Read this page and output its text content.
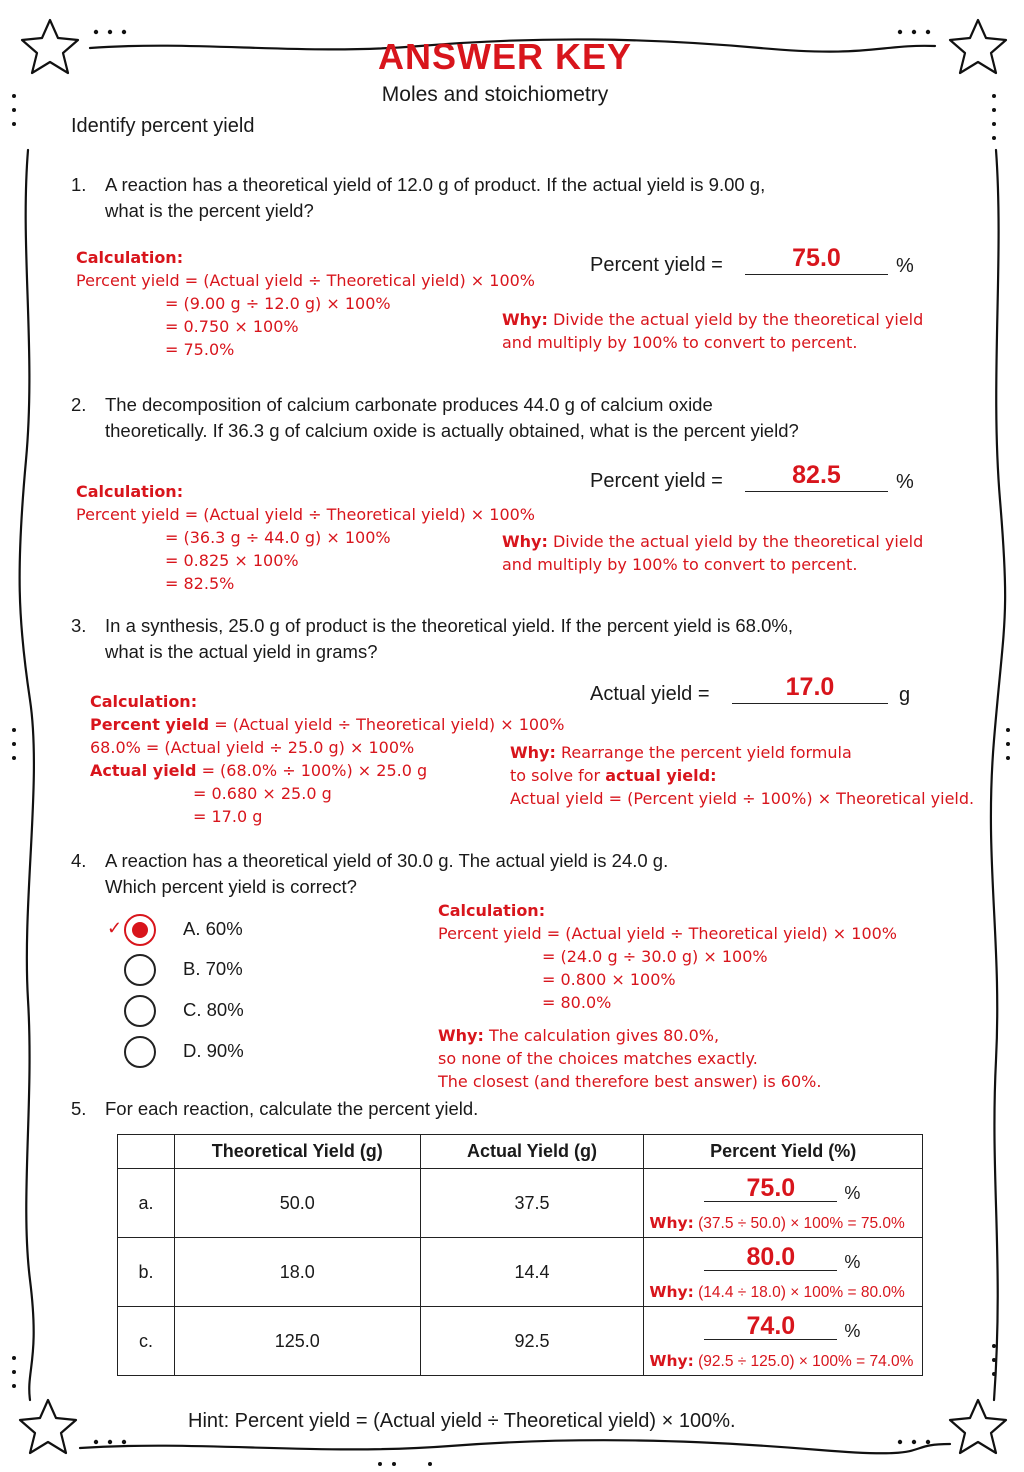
ANSWER KEY
Moles and stoichiometry
Identify percent yield
1. A reaction has a theoretical yield of 12.0 g of product. If the actual yield is 9.00 g,
what is the percent yield?
Percent yield =	75.0	%
Calculation:
Percent yield = (Actual yield ÷ Theoretical yield) × 100%
= (9.00 g ÷ 12.0 g) × 100%
= 0.750 × 100%
= 75.0%
Why: Divide the actual yield by the theoretical yield
and multiply by 100% to convert to percent.
2. The decomposition of calcium carbonate produces 44.0 g of calcium oxide
theoretically. If 36.3 g of calcium oxide is actually obtained, what is the percent yield?
Percent yield =	82.5	%
Calculation:
Percent yield = (Actual yield ÷ Theoretical yield) × 100%
= (36.3 g ÷ 44.0 g) × 100%
= 0.825 × 100%
= 82.5%
Why: Divide the actual yield by the theoretical yield
and multiply by 100% to convert to percent.
3. In a synthesis, 25.0 g of product is the theoretical yield. If the percent yield is 68.0%,
what is the actual yield in grams?
Actual yield =	17.0	g
Calculation:
Percent yield = (Actual yield ÷ Theoretical yield) × 100%
68.0% = (Actual yield ÷ 25.0 g) × 100%
Actual yield = (68.0% ÷ 100%) × 25.0 g
= 0.680 × 25.0 g
= 17.0 g
Why: Rearrange the percent yield formula
to solve for actual yield:
Actual yield = (Percent yield ÷ 100%) × Theoretical yield.
4. A reaction has a theoretical yield of 30.0 g. The actual yield is 24.0 g.
Which percent yield is correct?
✓	A. 60%
B. 70%
C. 80%
D. 90%
Calculation:
Percent yield = (Actual yield ÷ Theoretical yield) × 100%
= (24.0 g ÷ 30.0 g) × 100%
= 0.800 × 100%
= 80.0%
Why: The calculation gives 80.0%,
so none of the choices matches exactly.
The closest (and therefore best answer) is 60%.
5. For each reaction, calculate the percent yield.
	Theoretical Yield (g)	Actual Yield (g)	Percent Yield (%)
a.	50.0	37.5	75.0 %
Why: (37.5 ÷ 50.0) × 100% = 75.0%

b.	18.0	14.4	80.0 %
Why: (14.4 ÷ 18.0) × 100% = 80.0%

c.	125.0	92.5	74.0 %
Why: (92.5 ÷ 125.0) × 100% = 74.0%
Hint: Percent yield = (Actual yield ÷ Theoretical yield) × 100%.
